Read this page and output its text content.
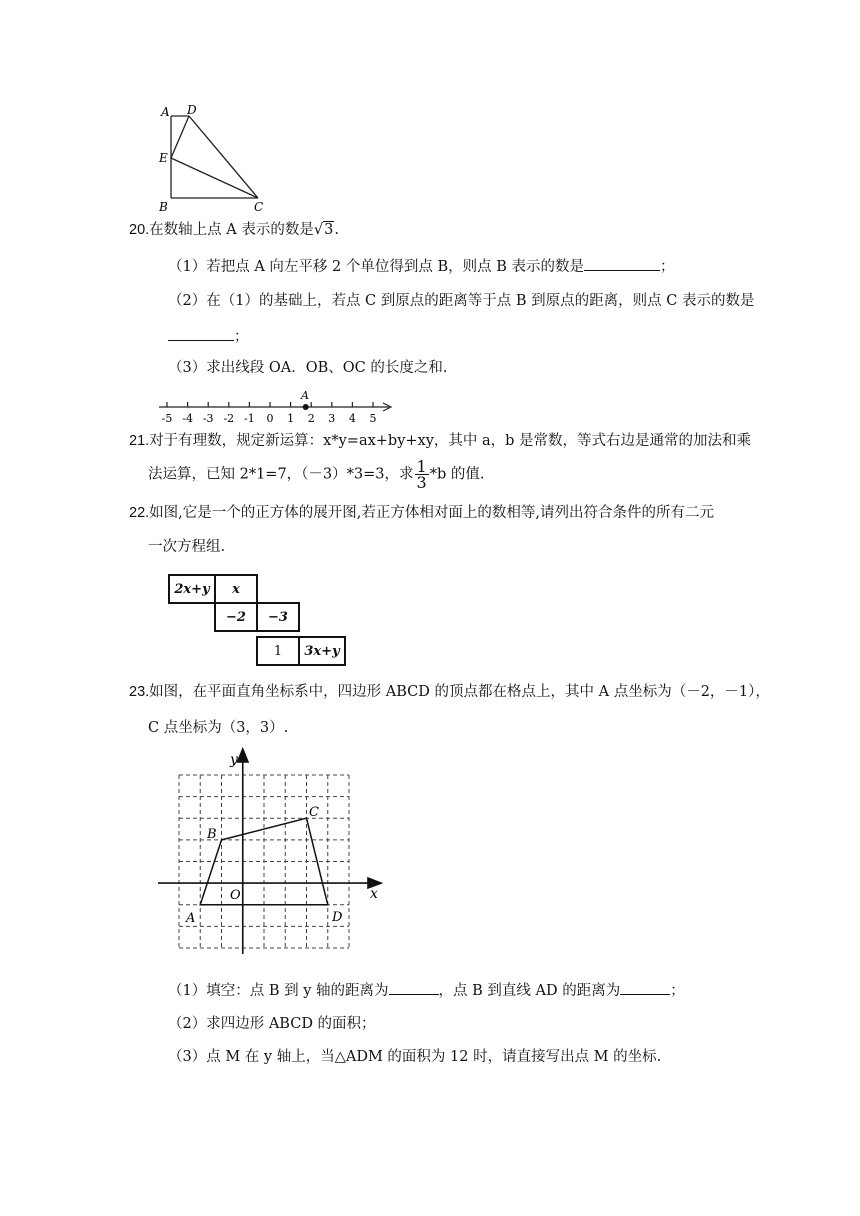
A D
E
B	C
20.在数轴上点 A 表示的数是√3.
（1）若把点 A 向左平移 2 个单位得到点 B，则点 B 表示的数是	；
（2）在（1）的基础上，若点 C 到原点的距离等于点 B 到原点的距离，则点 C 表示的数是
；
（3）求出线段 OA．OB、OC 的长度之和.
A
-5 -4 -3 -2 -1 0 1 2 3 4 5
21.对于有理数，规定新运算：x*y=ax+by+xy，其中 a，b 是常数，等式右边是通常的加法和乘
法运算，已知 2*1=7，（－3）*3=3，求 $\frac{1}{3} *b$ 的值.
22.如图,它是一个的正方体的展开图,若正方体相对面上的数相等,请列出符合条件的所有二元
一次方程组.
2x+y	x
−2	−3
1	3x+y
23.如图，在平面直角坐标系中，四边形 ABCD 的顶点都在格点上，其中 A 点坐标为（－2，－1），
C 点坐标为（3，3）.
x
y
O
A
B
C
D
（1）填空：点 B 到 y 轴的距离为	，点 B 到直线 AD 的距离为	；
（2）求四边形 ABCD 的面积；
（3）点 M 在 y 轴上，当△ADM 的面积为 12 时，请直接写出点 M 的坐标.
